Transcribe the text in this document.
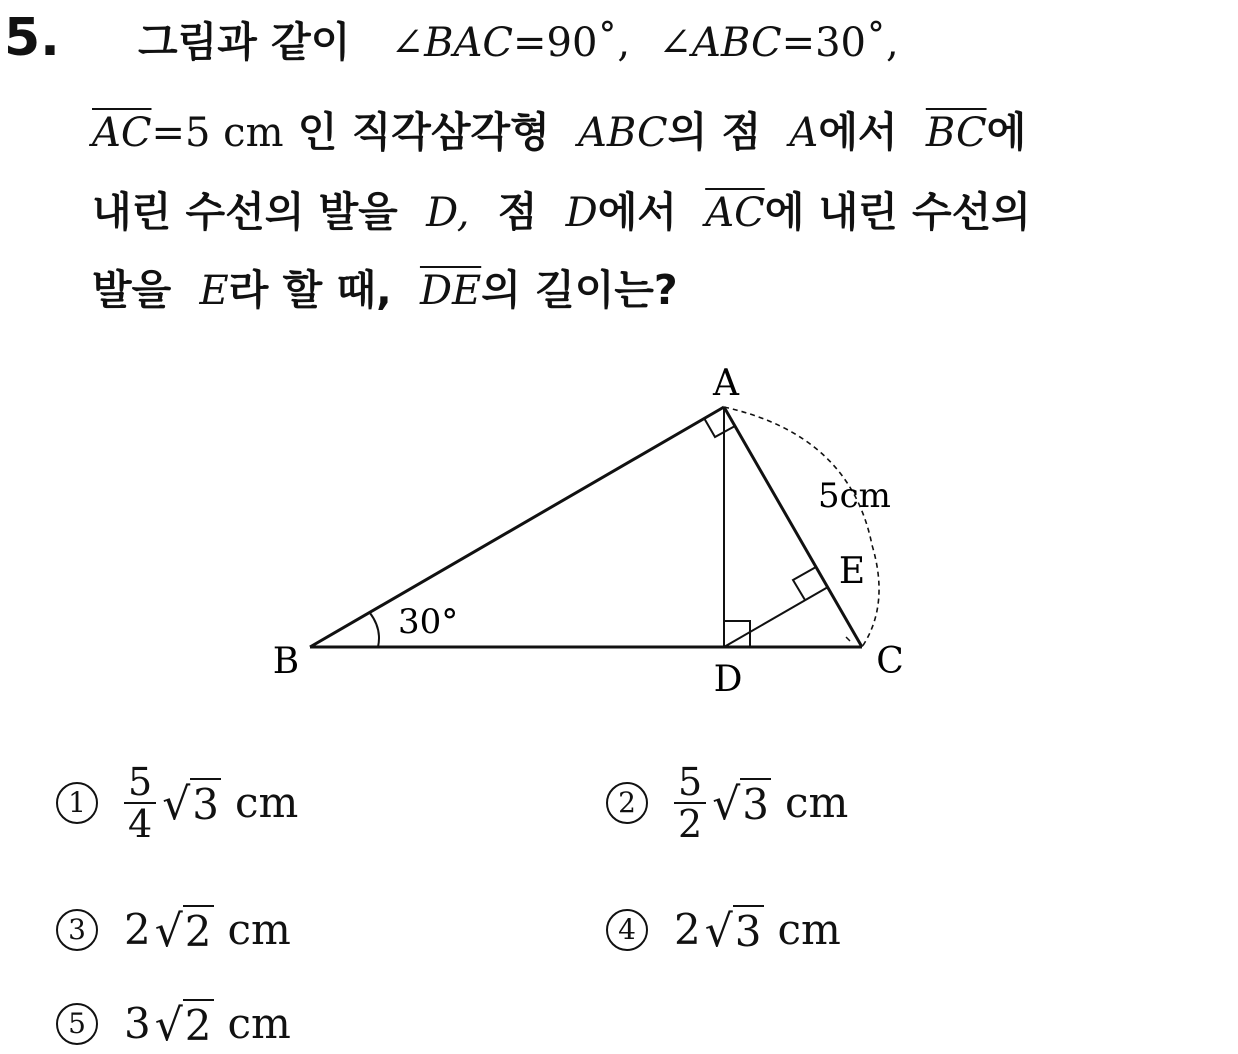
5. 그림과 같이 ∠BAC=90˚, ∠ABC=30˚,
$\overline{AC}=5$ cm 인 직각삼각형 ABC의 점 A에서 $\overline{BC}$에
내린 수선의 발을 D, 점 D에서 $\overline{AC}$에 내린 수선의
발을 E라 할 때, $\overline{DE}$의 길이는?
A
B	C
D
E
30°
5cm
$1 \frac{5}{4} √3$ cm	$2 \frac{5}{2} √3$ cm
3 2√2 cm	4 2√3 cm
5 3√2 cm
